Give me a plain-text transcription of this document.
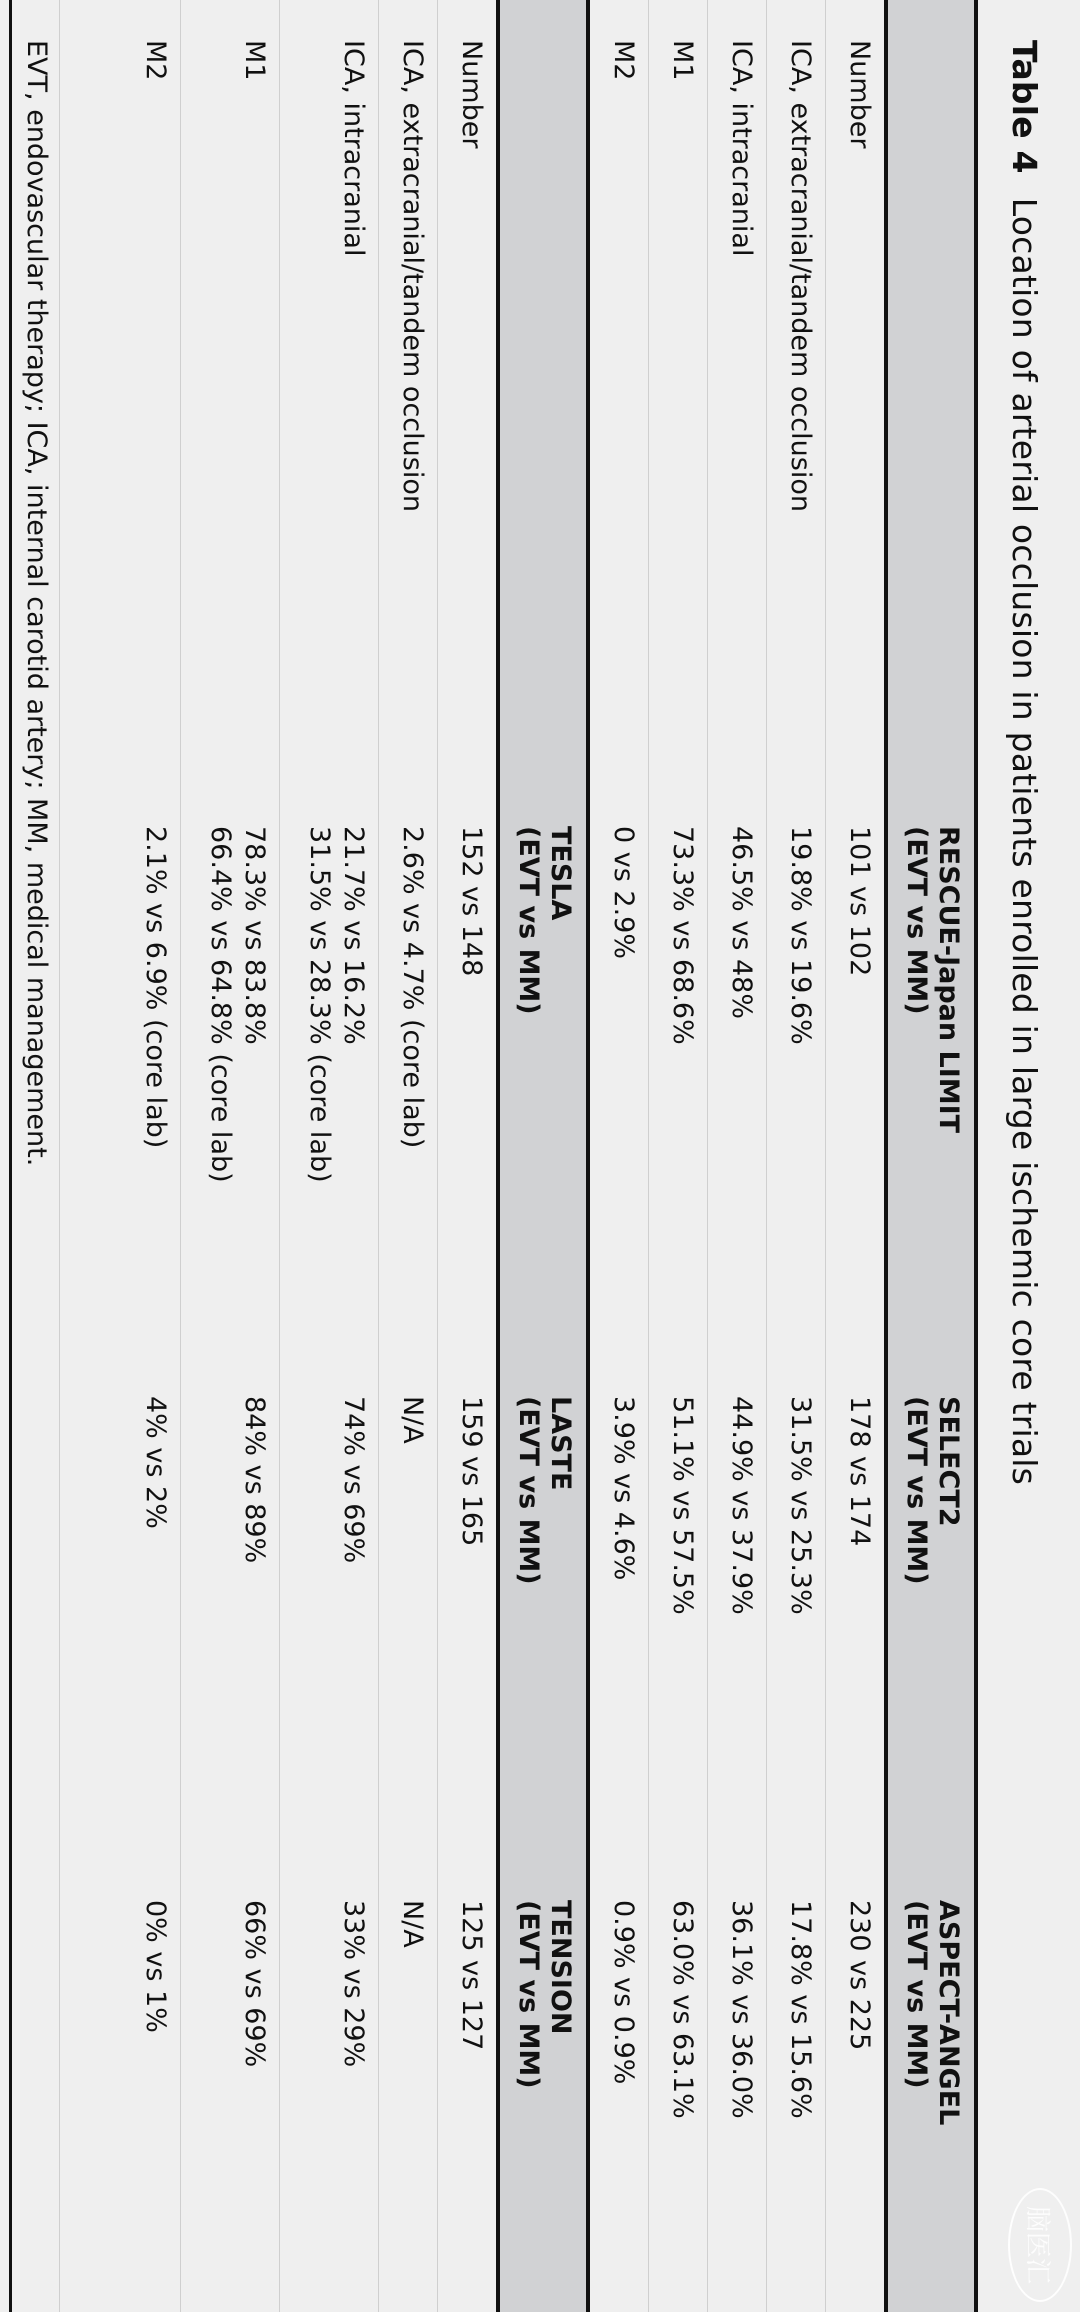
脑医汇
Table 4Location of arterial occlusion in patients enrolled in large ischemic core trials
RESCUE-Japan LIMIT
(EVT vs MM)
SELECT2
(EVT vs MM)
ASPECT-ANGEL
(EVT vs MM)
Number
101 vs 102
178 vs 174
230 vs 225
ICA, extracranial/tandem occlusion
19.8% vs 19.6%
31.5% vs 25.3%
17.8% vs 15.6%
ICA, intracranial
46.5% vs 48%
44.9% vs 37.9%
36.1% vs 36.0%
M1
73.3% vs 68.6%
51.1% vs 57.5%
63.0% vs 63.1%
M2
0 vs 2.9%
3.9% vs 4.6%
0.9% vs 0.9%
TESLA
(EVT vs MM)
LASTE
(EVT vs MM)
TENSION
(EVT vs MM)
Number
152 vs 148
159 vs 165
125 vs 127
ICA, extracranial/tandem occlusion
2.6% vs 4.7% (core lab)
N/A
N/A
ICA, intracranial
21.7% vs 16.2%
31.5% vs 28.3% (core lab)
74% vs 69%
33% vs 29%
M1
78.3% vs 83.8%
66.4% vs 64.8% (core lab)
84% vs 89%
66% vs 69%
M2
2.1% vs 6.9% (core lab)
4% vs 2%
0% vs 1%
EVT, endovascular therapy; ICA, internal carotid artery; MM, medical management.
